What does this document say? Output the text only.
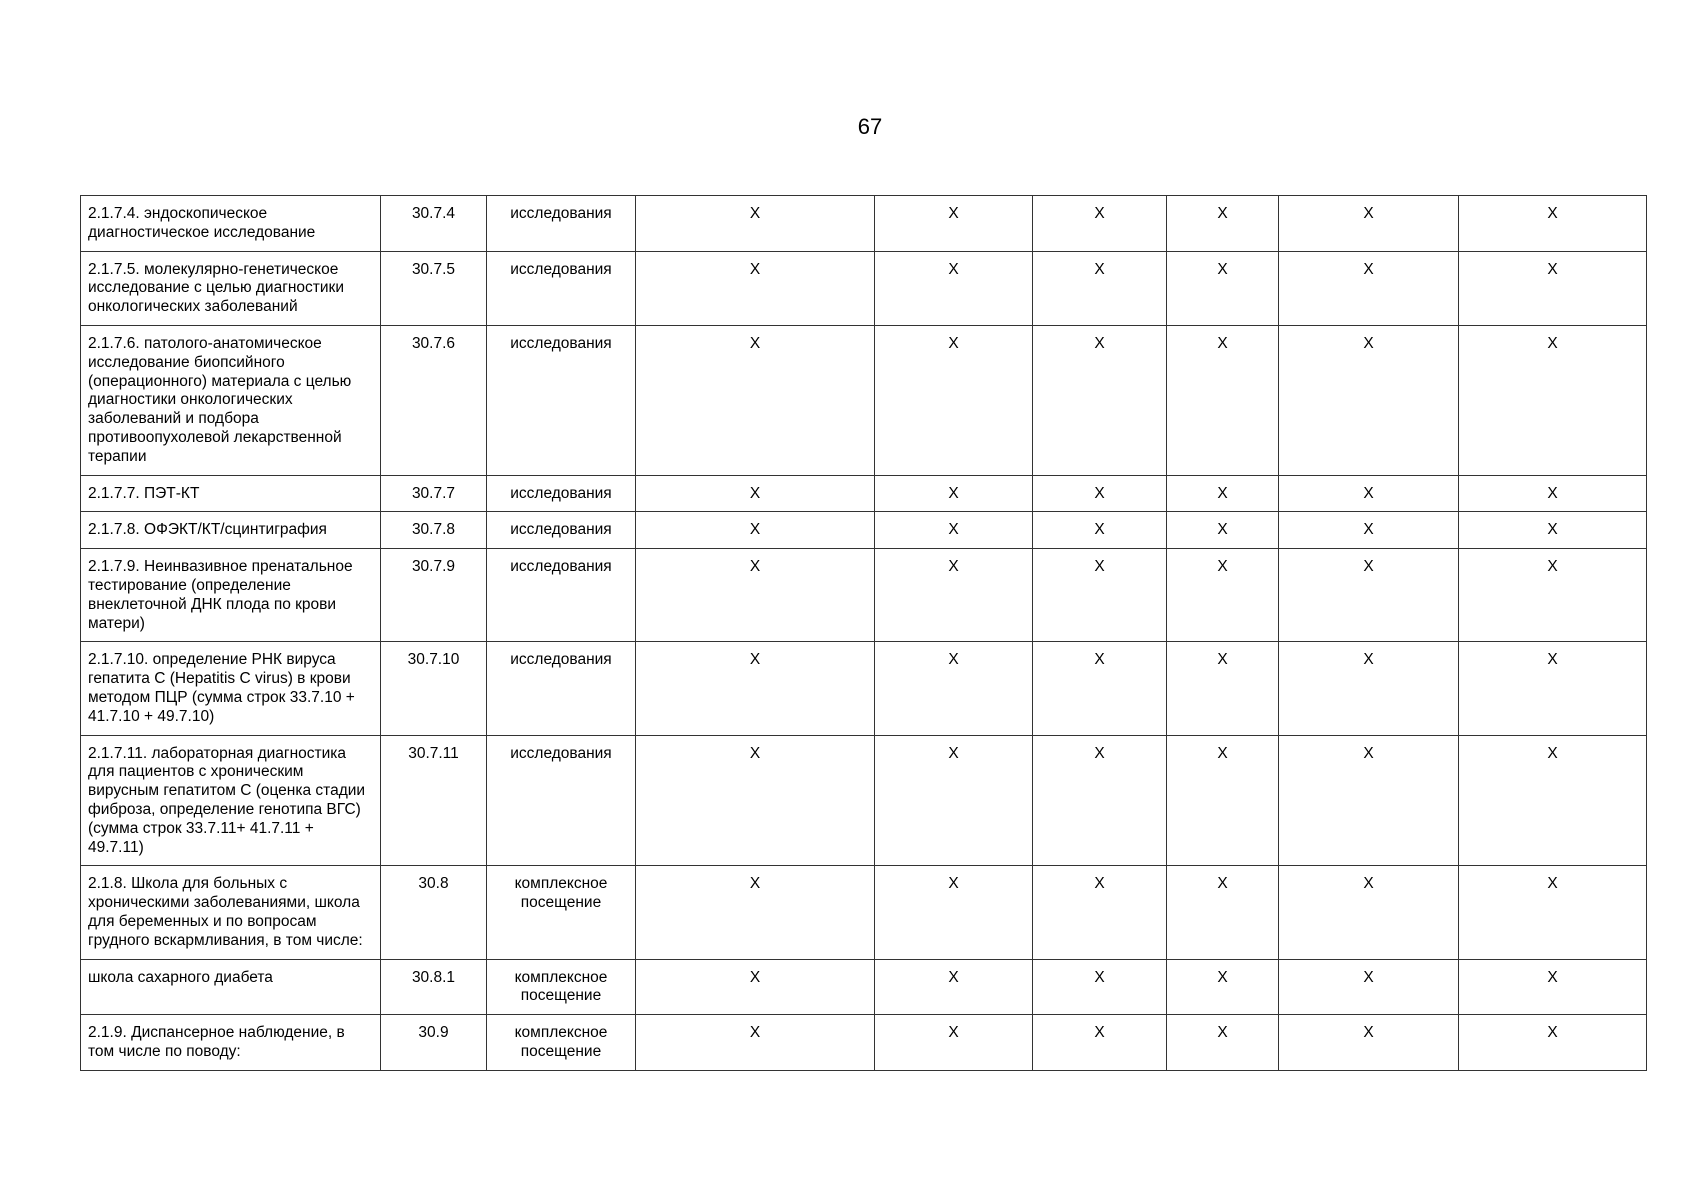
67
2.1.7.4. эндоскопическое диагностическое исследование	30.7.4	исследования	X	X	X	X	X	X
2.1.7.5. молекулярно-генетическое исследование с целью диагностики онкологических заболеваний	30.7.5	исследования	X	X	X	X	X	X
2.1.7.6. патолого-анатомическое исследование биопсийного (операционного) материала с целью диагностики онкологических заболеваний и подбора противоопухолевой лекарственной терапии	30.7.6	исследования	X	X	X	X	X	X
2.1.7.7. ПЭТ-КТ	30.7.7	исследования	X	X	X	X	X	X
2.1.7.8. ОФЭКТ/КТ/сцинтиграфия	30.7.8	исследования	X	X	X	X	X	X
2.1.7.9. Неинвазивное пренатальное тестирование (определение внеклеточной ДНК плода по крови матери)	30.7.9	исследования	X	X	X	X	X	X
2.1.7.10. определение РНК вируса гепатита C (Hepatitis C virus) в крови методом ПЦР (сумма строк 33.7.10 + 41.7.10 + 49.7.10)	30.7.10	исследования	X	X	X	X	X	X
2.1.7.11. лабораторная диагностика для пациентов с хроническим вирусным гепатитом C (оценка стадии фиброза, определение генотипа ВГС) (сумма строк 33.7.11+ 41.7.11 + 49.7.11)	30.7.11	исследования	X	X	X	X	X	X
2.1.8. Школа для больных с хроническими заболеваниями, школа для беременных и по вопросам грудного вскармливания, в том числе:	30.8	комплексное посещение	X	X	X	X	X	X
школа сахарного диабета	30.8.1	комплексное посещение	X	X	X	X	X	X
2.1.9. Диспансерное наблюдение, в том числе по поводу:	30.9	комплексное посещение	X	X	X	X	X	X
